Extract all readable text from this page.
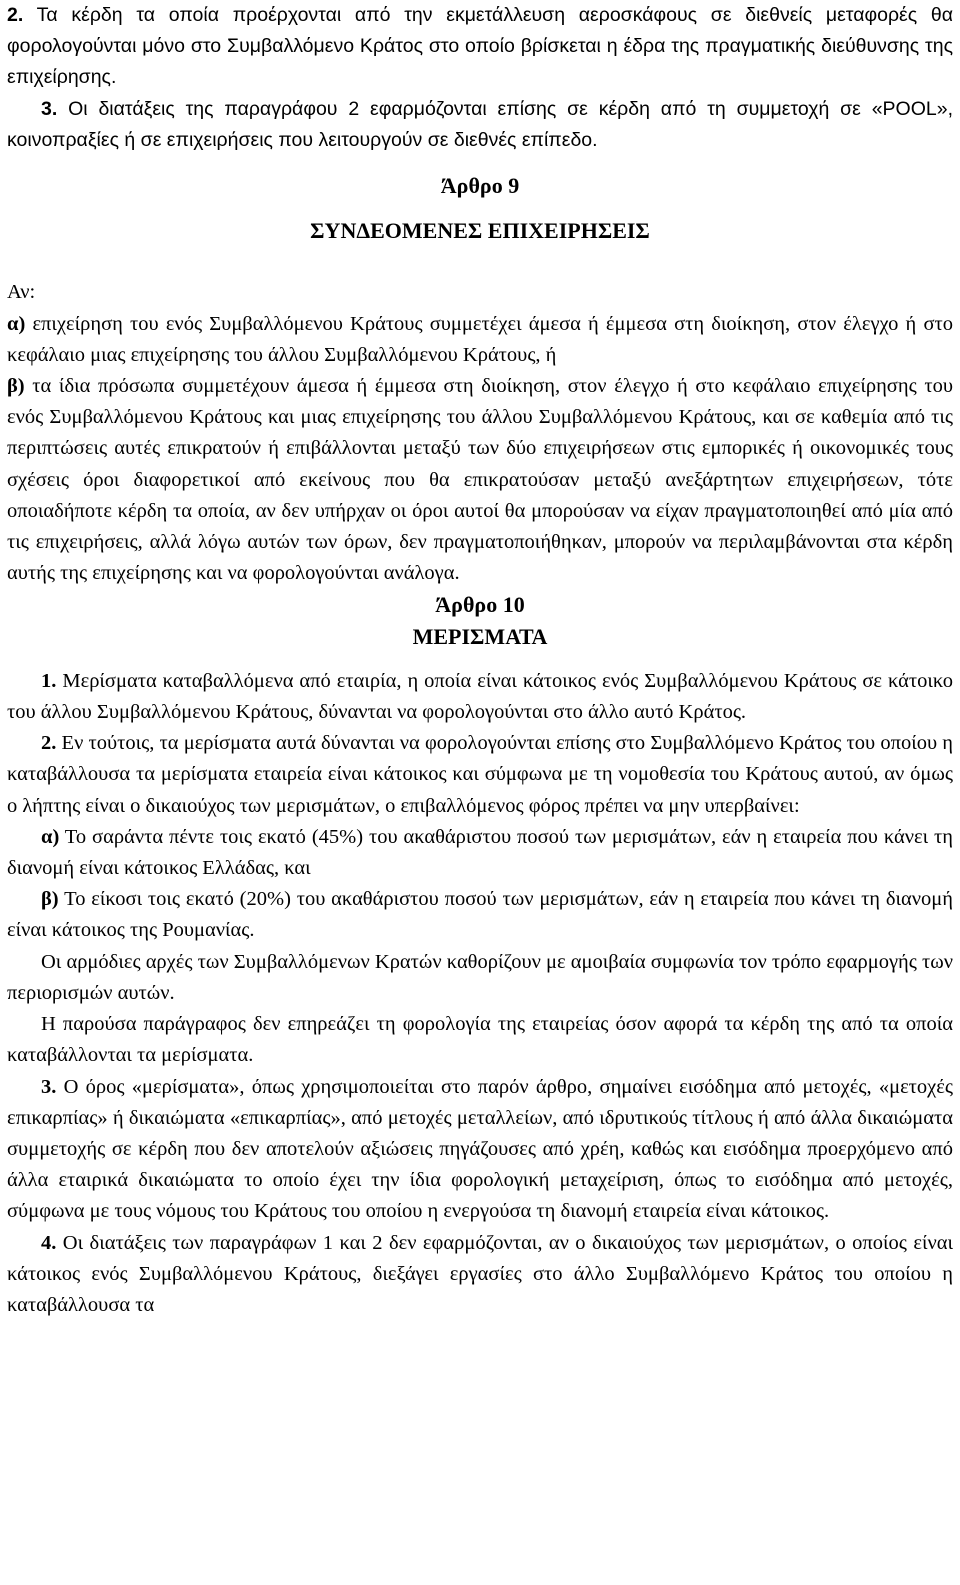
2. Τα κέρδη τα οποία προέρχονται από την εκμετάλλευση αεροσκάφους σε διεθνείς μεταφορές θα φορολογούνται μόνο στο Συμβαλλόμενο Κράτος στο οποίο βρίσκεται η έδρα της πραγματικής διεύθυνσης της επιχείρησης.

3. Οι διατάξεις της παραγράφου 2 εφαρμόζονται επίσης σε κέρδη από τη συμμετοχή σε «POOL», κοινοπραξίες ή σε επιχειρήσεις που λειτουργούν σε διεθνές επίπεδο.

Άρθρο 9

ΣΥΝΔΕΟΜΕΝΕΣ ΕΠΙΧΕΙΡΗΣΕΙΣ

Αν:

α) επιχείρηση του ενός Συμβαλλόμενου Κράτους συμμετέχει άμεσα ή έμμεσα στη διοίκηση, στον έλεγχο ή στο κεφάλαιο μιας επιχείρησης του άλλου Συμβαλλόμενου Κράτους, ή

β) τα ίδια πρόσωπα συμμετέχουν άμεσα ή έμμεσα στη διοίκηση, στον έλεγχο ή στο κεφάλαιο επιχείρησης του ενός Συμβαλλόμενου Κράτους και μιας επιχείρησης του άλλου Συμβαλλόμενου Κράτους, και σε καθεμία από τις περιπτώσεις αυτές επικρατούν ή επιβάλλονται μεταξύ των δύο επιχειρήσεων στις εμπορικές ή οικονομικές τους σχέσεις όροι διαφορετικοί από εκείνους που θα επικρατούσαν μεταξύ ανεξάρτητων επιχειρήσεων, τότε οποιαδήποτε κέρδη τα οποία, αν δεν υπήρχαν οι όροι αυτοί θα μπορούσαν να είχαν πραγματοποιηθεί από μία από τις επιχειρήσεις, αλλά λόγω αυτών των όρων, δεν πραγματοποιήθηκαν, μπορούν να περιλαμβάνονται στα κέρδη αυτής της επιχείρησης και να φορολογούνται ανάλογα.

Άρθρο 10

ΜΕΡΙΣΜΑΤΑ

1. Μερίσματα καταβαλλόμενα από εταιρία, η οποία είναι κάτοικος ενός Συμβαλλόμενου Κράτους σε κάτοικο του άλλου Συμβαλλόμενου Κράτους, δύνανται να φορολογούνται στο άλλο αυτό Κράτος.

2. Εν τούτοις, τα μερίσματα αυτά δύνανται να φορολογούνται επίσης στο Συμβαλλόμενο Κράτος του οποίου η καταβάλλουσα τα μερίσματα εταιρεία είναι κάτοικος και σύμφωνα με τη νομοθεσία του Κράτους αυτού, αν όμως ο λήπτης είναι ο δικαιούχος των μερισμάτων, ο επιβαλλόμενος φόρος πρέπει να μην υπερβαίνει:

α) Το σαράντα πέντε τοις εκατό (45%) του ακαθάριστου ποσού των μερισμάτων, εάν η εταιρεία που κάνει τη διανομή είναι κάτοικος Ελλάδας, και

β) Το είκοσι τοις εκατό (20%) του ακαθάριστου ποσού των μερισμάτων, εάν η εταιρεία που κάνει τη διανομή είναι κάτοικος της Ρουμανίας.

Οι αρμόδιες αρχές των Συμβαλλόμενων Κρατών καθορίζουν με αμοιβαία συμφωνία τον τρόπο εφαρμογής των περιορισμών αυτών.

Η παρούσα παράγραφος δεν επηρεάζει τη φορολογία της εταιρείας όσον αφορά τα κέρδη της από τα οποία καταβάλλονται τα μερίσματα.

3. Ο όρος «μερίσματα», όπως χρησιμοποιείται στο παρόν άρθρο, σημαίνει εισόδημα από μετοχές, «μετοχές επικαρπίας» ή δικαιώματα «επικαρπίας», από μετοχές μεταλλείων, από ιδρυτικούς τίτλους ή από άλλα δικαιώματα συμμετοχής σε κέρδη που δεν αποτελούν αξιώσεις πηγάζουσες από χρέη, καθώς και εισόδημα προερχόμενο από άλλα εταιρικά δικαιώματα το οποίο έχει την ίδια φορολογική μεταχείριση, όπως το εισόδημα από μετοχές, σύμφωνα με τους νόμους του Κράτους του οποίου η ενεργούσα τη διανομή εταιρεία είναι κάτοικος.

4. Οι διατάξεις των παραγράφων 1 και 2 δεν εφαρμόζονται, αν ο δικαιούχος των μερισμάτων, ο οποίος είναι κάτοικος ενός Συμβαλλόμενου Κράτους, διεξάγει εργασίες στο άλλο Συμβαλλόμενο Κράτος του οποίου η καταβάλλουσα τα
